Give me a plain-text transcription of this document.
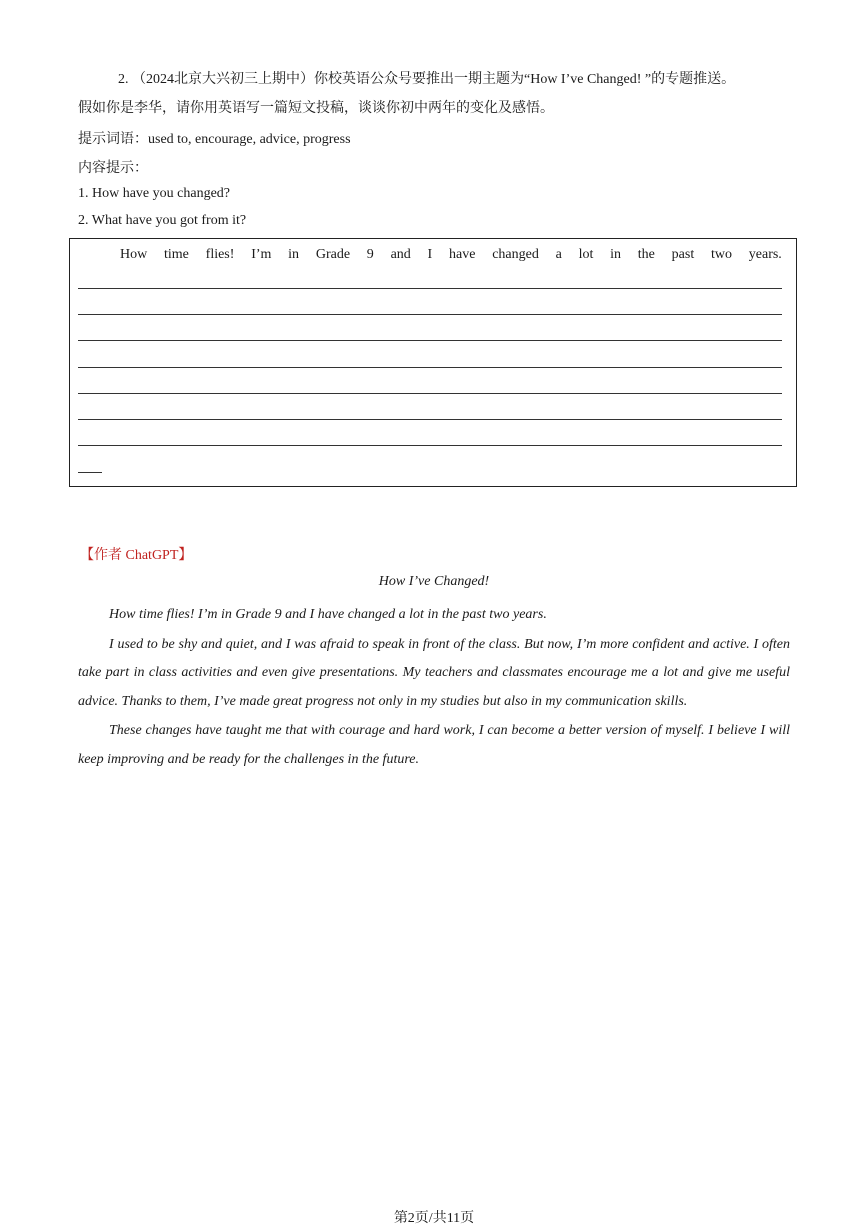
2. （2024北京大兴初三上期中）你校英语公众号要推出一期主题为“How I’ve Changed! ”的专题推送。
假如你是李华，请你用英语写一篇短文投稿，谈谈你初中两年的变化及感悟。
提示词语：used to, encourage, advice, progress
内容提示：
1. How have you changed?
2. What have you got from it?
How time flies! I’m in Grade 9 and I have changed a lot in the past two years.
【作者 ChatGPT】
How I’ve Changed!

How time flies! I’m in Grade 9 and I have changed a lot in the past two years.

I used to be shy and quiet, and I was afraid to speak in front of the class. But now, I’m more confident and active. I often take part in class activities and even give presentations. My teachers and classmates encourage me a lot and give me useful advice. Thanks to them, I’ve made great progress not only in my studies but also in my communication skills.

These changes have taught me that with courage and hard work, I can become a better version of myself. I believe I will keep improving and be ready for the challenges in the future.

第2页/共11页
